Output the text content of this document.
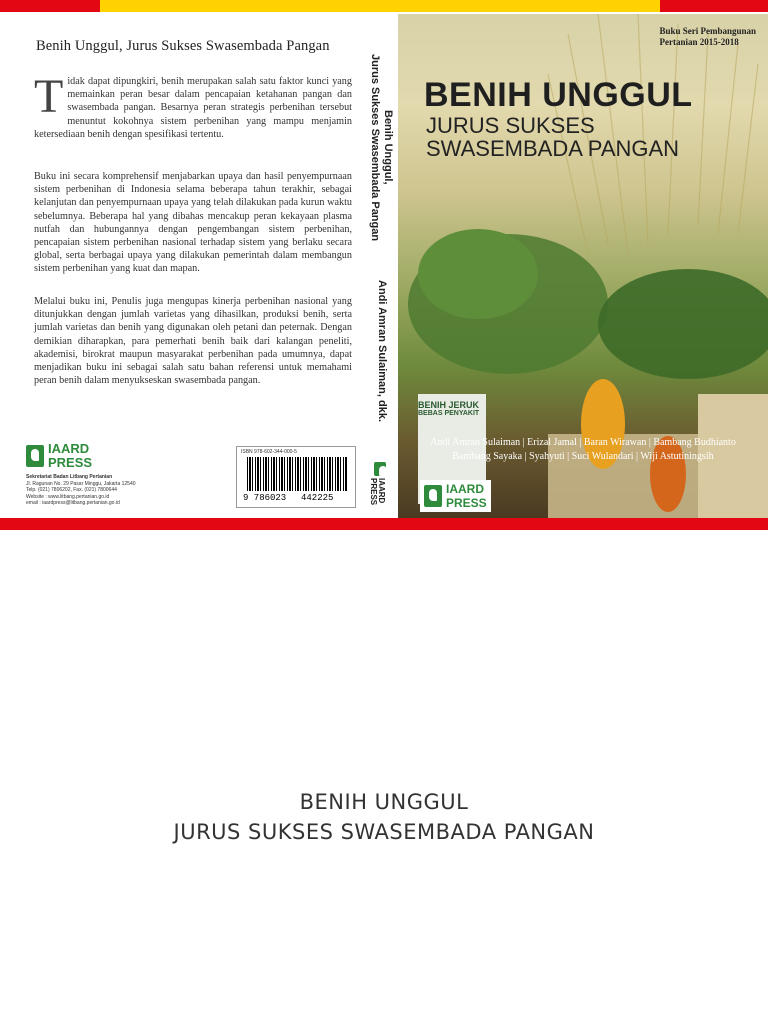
Benih Unggul, Jurus Sukses Swasembada Pangan
Tidak dapat dipungkiri, benih merupakan salah satu faktor kunci yang memainkan peran besar dalam pencapaian ketahanan pangan dan swasembada pangan. Besarnya peran strategis perbenihan tersebut menuntut kokohnya sistem perbenihan yang mampu menjamin ketersediaan benih dengan spesifikasi tertentu.
Buku ini secara komprehensif menjabarkan upaya dan hasil penyempurnaan sistem perbenihan di Indonesia selama beberapa tahun terakhir, sebagai kelanjutan dan penyempurnaan upaya yang telah dilakukan pada kurun waktu sebelumnya. Beberapa hal yang dibahas mencakup peran kekayaan plasma nutfah dan hubungannya dengan pengembangan sistem perbenihan, pencapaian sistem perbenihan nasional terhadap sistem yang berlaku secara global, serta berbagai upaya yang dilakukan pemerintah dalam membangun sistem perbenihan yang kuat dan mapan.
Melalui buku ini, Penulis juga mengupas kinerja perbenihan nasional yang ditunjukkan dengan jumlah varietas yang dihasilkan, produksi benih, serta jumlah varietas dan benih yang digunakan oleh petani dan peternak. Dengan demikian diharapkan, para pemerhati benih baik dari kalangan peneliti, akademisi, birokrat maupun masyarakat perbenihan pada umumnya, dapat menjadikan buku ini sebagai salah satu bahan referensi untuk memahami peran benih dalam menyukseskan swasembada pangan.
IAARD
PRESS
Sekretariat Badan Litbang Pertanian
Jl. Ragunan No. 29 Pasar Minggu, Jakarta 12540
Telp. (021) 7806202, Fax. (021) 7800644
Website : www.litbang.pertanian.go.id
email : iaardpress@litbang.pertanian.go.id
ISBN 978-602-344-000-5
9 786023 442225
Benih Unggul,
Jurus Sukses Swasembada Pangan
Andi Amran Sulaiman, dkk.
IAARD
PRESS
BENIH JERUK
BEBAS PENYAKIT
Buku Seri Pembangunan
Pertanian 2015-2018
BENIH UNGGUL
JURUS SUKSES
SWASEMBADA PANGAN
Andi Amran Sulaiman | Erizal Jamal | Baran Wirawan | Bambang Budhianto
Bambang Sayaka | Syahyuti | Suci Wulandari | Wiji Astutiningsih
IAARD
PRESS
BENIH UNGGUL
JURUS SUKSES SWASEMBADA PANGAN
